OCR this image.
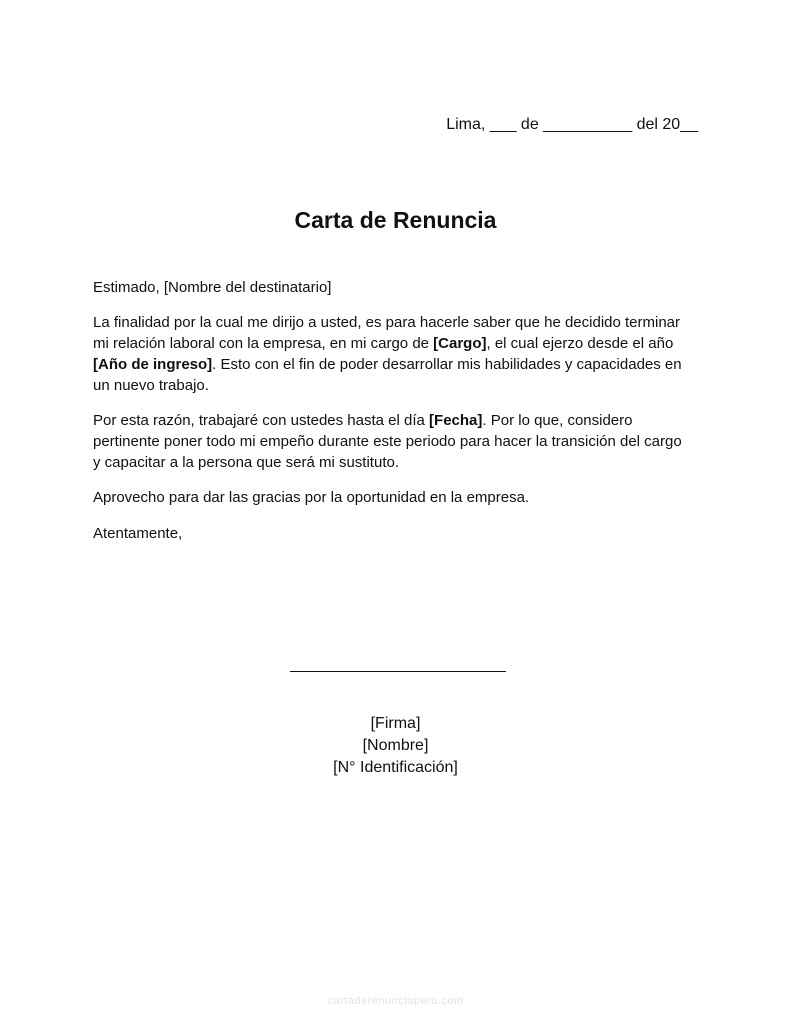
Lima, ___ de __________ del 20__
Carta de Renuncia

Estimado, [Nombre del destinatario]

La finalidad por la cual me dirijo a usted, es para hacerle saber que he decidido terminar mi relación laboral con la empresa, en mi cargo de [Cargo], el cual ejerzo desde el año [Año de ingreso]. Esto con el fin de poder desarrollar mis habilidades y capacidades en un nuevo trabajo.

Por esta razón, trabajaré con ustedes hasta el día [Fecha]. Por lo que, considero pertinente poner todo mi empeño durante este periodo para hacer la transición del cargo y capacitar a la persona que será mi sustituto.

Aprovecho para dar las gracias por la oportunidad en la empresa.

Atentamente,

[Firma]
[Nombre]
[N° Identificación]
cartaderenunciaperu.com
